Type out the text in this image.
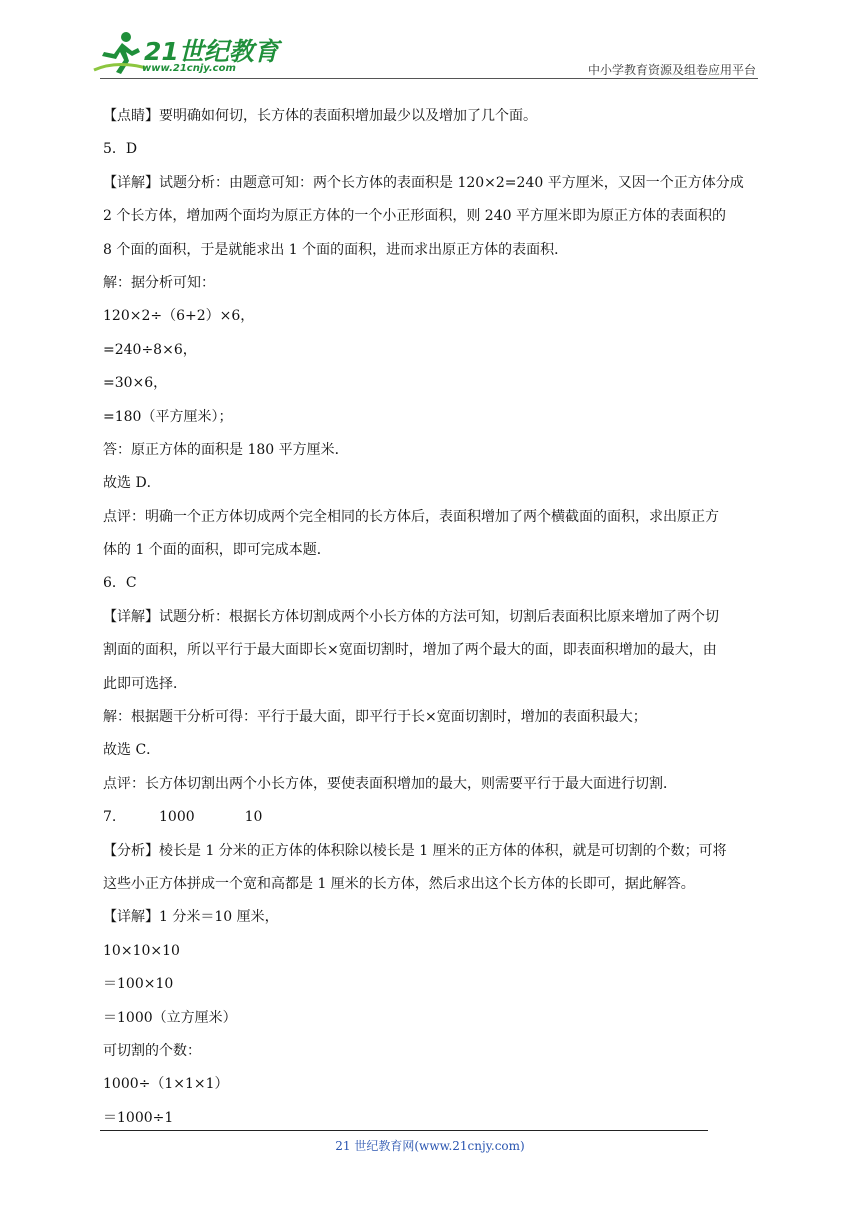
21世纪教育
www.21cnjy.com	中小学教育资源及组卷应用平台
【点睛】要明确如何切，长方体的表面积增加最少以及增加了几个面。
5．D
【详解】试题分析：由题意可知：两个长方体的表面积是 120×2=240 平方厘米，又因一个正方体分成
2 个长方体，增加两个面均为原正方体的一个小正形面积，则 240 平方厘米即为原正方体的表面积的
8 个面的面积，于是就能求出 1 个面的面积，进而求出原正方体的表面积．
解：据分析可知：
120×2÷（6+2）×6，
=240÷8×6，
=30×6，
=180（平方厘米）；
答：原正方体的面积是 180 平方厘米．
故选 D．
点评：明确一个正方体切成两个完全相同的长方体后，表面积增加了两个横截面的面积，求出原正方
体的 1 个面的面积，即可完成本题．
6．C
【详解】试题分析：根据长方体切割成两个小长方体的方法可知，切割后表面积比原来增加了两个切
割面的面积，所以平行于最大面即长×宽面切割时，增加了两个最大的面，即表面积增加的最大，由
此即可选择．
解：根据题干分析可得：平行于最大面，即平行于长×宽面切割时，增加的表面积最大；
故选 C．
点评：长方体切割出两个小长方体，要使表面积增加的最大，则需要平行于最大面进行切割．
7.	1000	10
【分析】棱长是 1 分米的正方体的体积除以棱长是 1 厘米的正方体的体积，就是可切割的个数；可将
这些小正方体拼成一个宽和高都是 1 厘米的长方体，然后求出这个长方体的长即可，据此解答。
【详解】1 分米＝10 厘米，
10×10×10
＝100×10
＝1000（立方厘米）
可切割的个数：
1000÷（1×1×1）
＝1000÷1
21 世纪教育网(www.21cnjy.com)
